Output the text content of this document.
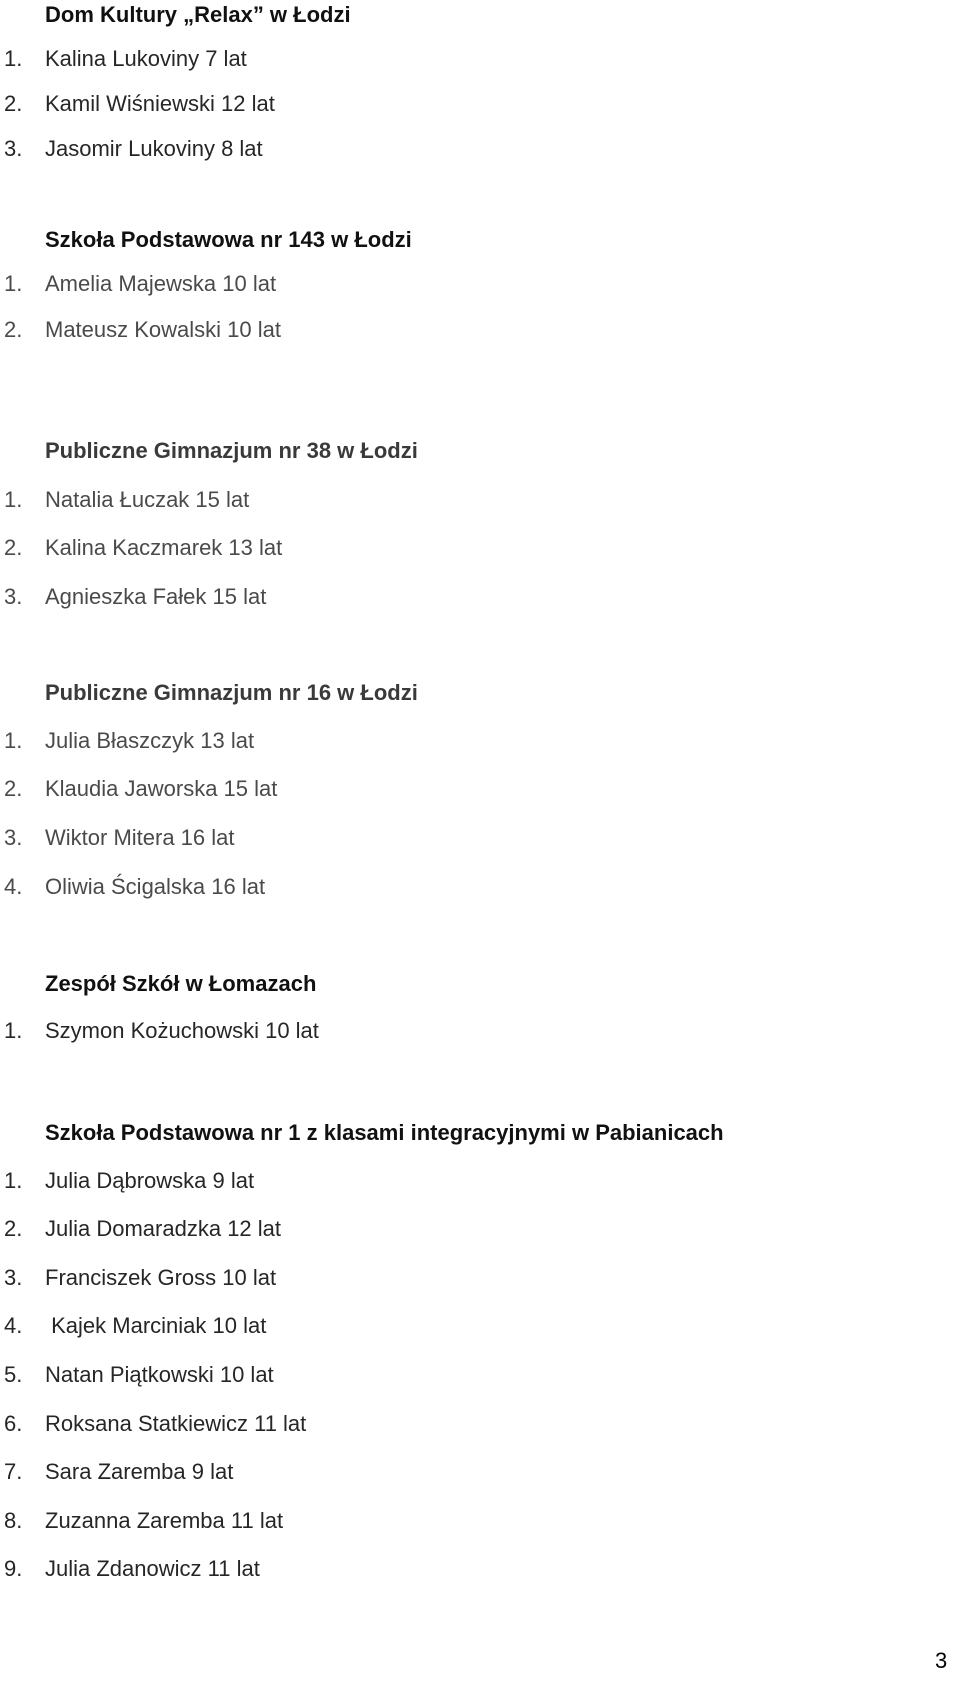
Dom Kultury „Relax” w Łodzi
1.	Kalina Lukoviny 7 lat
2.	Kamil Wiśniewski 12 lat
3.	Jasomir Lukoviny 8 lat
Szkoła Podstawowa nr 143 w Łodzi
1.	Amelia Majewska 10 lat
2.	Mateusz Kowalski 10 lat
Publiczne Gimnazjum nr 38 w Łodzi
1.	Natalia Łuczak 15 lat
2.	Kalina Kaczmarek 13 lat
3.	Agnieszka Fałek 15 lat
Publiczne Gimnazjum nr 16 w Łodzi
1.	Julia Błaszczyk 13 lat
2.	Klaudia Jaworska 15 lat
3.	Wiktor Mitera 16 lat
4.	Oliwia Ścigalska 16 lat
Zespół Szkół w Łomazach
1.	Szymon Kożuchowski 10 lat
Szkoła Podstawowa nr 1 z klasami integracyjnymi w Pabianicach
1.	Julia Dąbrowska 9 lat
2.	Julia Domaradzka 12 lat
3.	Franciszek Gross 10 lat
4.	Kajek Marciniak 10 lat
5.	Natan Piątkowski 10 lat
6.	Roksana Statkiewicz 11 lat
7.	Sara Zaremba 9 lat
8.	Zuzanna Zaremba 11 lat
9.	Julia Zdanowicz 11 lat
3
